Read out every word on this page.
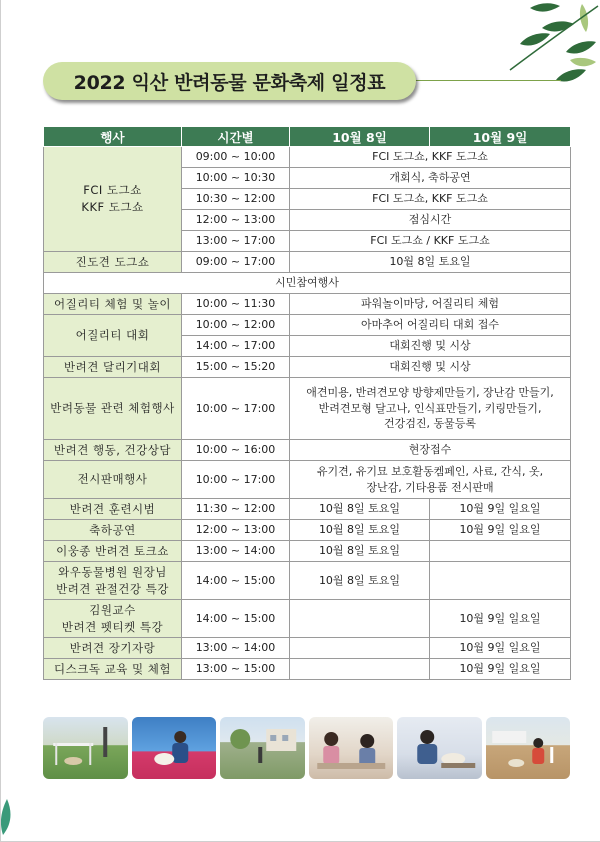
2022 익산 반려동물 문화축제 일정표
행사	시간별	10월 8일	10월 9일
FCI 도그쇼
KKF 도그쇼	09:00 ~ 10:00	FCI 도그쇼, KKF 도그쇼	
	10:00 ~ 10:30	개회식, 축하공연	
	10:30 ~ 12:00	FCI 도그쇼, KKF 도그쇼	
	12:00 ~ 13:00	점심시간	
	13:00 ~ 17:00	FCI 도그쇼 / KKF 도그쇼	
진도견 도그쇼	09:00 ~ 17:00	10월 8일 토요일	
시민참여행사			
어질리티 체험 및 놀이	10:00 ~ 11:30	파워놀이마당, 어질리티 체험	
어질리티 대회	10:00 ~ 12:00	아마추어 어질리티 대회 접수	
	14:00 ~ 17:00	대회진행 및 시상	
반려견 달리기대회	15:00 ~ 15:20	대회진행 및 시상	
반려동물 관련 체험행사	10:00 ~ 17:00	애견미용, 반려견모양 방향제만들기, 장난감 만들기,
반려견모형 달고나, 인식표만들기, 키링만들기,
건강검진, 동물등록	
반려견 행동, 건강상담	10:00 ~ 16:00	현장접수	
전시판매행사	10:00 ~ 17:00	유기견, 유기묘 보호활동켐페인, 사료, 간식, 옷,
장난감, 기타용품 전시판매	
반려견 훈련시범	11:30 ~ 12:00	10월 8일 토요일	10월 9일 일요일
축하공연	12:00 ~ 13:00	10월 8일 토요일	10월 9일 일요일
이웅종 반려견 토크쇼	13:00 ~ 14:00	10월 8일 토요일	
와우동물병원 원장님
반려견 관절건강 특강	14:00 ~ 15:00	10월 8일 토요일	
김원교수
반려견 펫티켓 특강	14:00 ~ 15:00		10월 9일 일요일
반려견 장기자랑	13:00 ~ 14:00		10월 9일 일요일
디스크독 교육 및 체험	13:00 ~ 15:00		10월 9일 일요일
